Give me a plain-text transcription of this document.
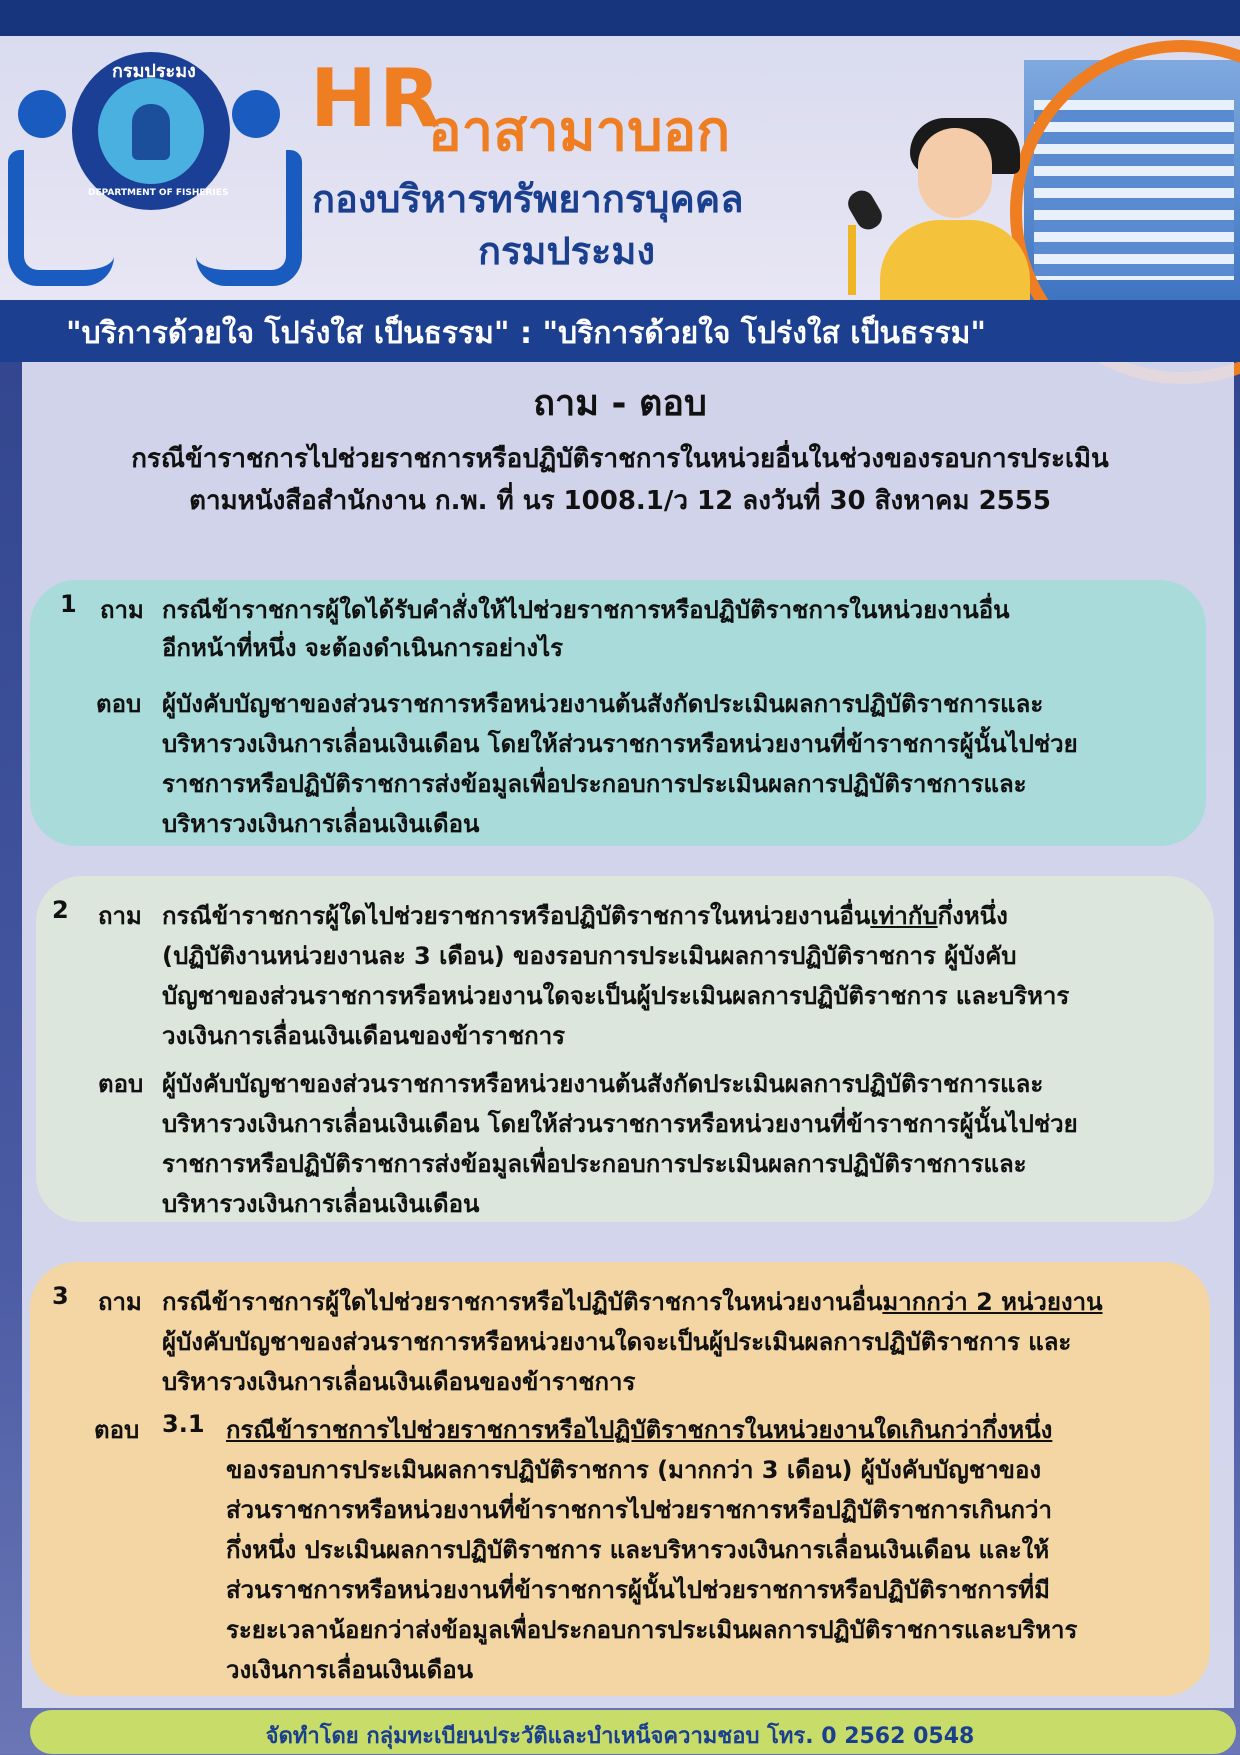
กรมประมง
DEPARTMENT OF FISHERIES
HR
อาสามาบอก
กองบริหารทรัพยากรบุคคล
กรมประมง
"บริการด้วยใจ โปร่งใส เป็นธรรม" : "บริการด้วยใจ โปร่งใส เป็นธรรม"
ถาม - ตอบ
กรณีข้าราชการไปช่วยราชการหรือปฏิบัติราชการในหน่วยอื่นในช่วงของรอบการประเมิน
ตามหนังสือสำนักงาน ก.พ. ที่ นร 1008.1/ว 12 ลงวันที่ 30 สิงหาคม 2555
1 ถาม กรณีข้าราชการผู้ใดได้รับคำสั่งให้ไปช่วยราชการหรือปฏิบัติราชการในหน่วยงานอื่น
อีกหน้าที่หนึ่ง จะต้องดำเนินการอย่างไร
ตอบ ผู้บังคับบัญชาของส่วนราชการหรือหน่วยงานต้นสังกัดประเมินผลการปฏิบัติราชการและ
บริหารวงเงินการเลื่อนเงินเดือน โดยให้ส่วนราชการหรือหน่วยงานที่ข้าราชการผู้นั้นไปช่วย
ราชการหรือปฏิบัติราชการส่งข้อมูลเพื่อประกอบการประเมินผลการปฏิบัติราชการและ
บริหารวงเงินการเลื่อนเงินเดือน
2 ถาม กรณีข้าราชการผู้ใดไปช่วยราชการหรือปฏิบัติราชการในหน่วยงานอื่นเท่ากับกึ่งหนึ่ง
(ปฏิบัติงานหน่วยงานละ 3 เดือน) ของรอบการประเมินผลการปฏิบัติราชการ ผู้บังคับ
บัญชาของส่วนราชการหรือหน่วยงานใดจะเป็นผู้ประเมินผลการปฏิบัติราชการ และบริหาร
วงเงินการเลื่อนเงินเดือนของข้าราชการ
ตอบ ผู้บังคับบัญชาของส่วนราชการหรือหน่วยงานต้นสังกัดประเมินผลการปฏิบัติราชการและ
บริหารวงเงินการเลื่อนเงินเดือน โดยให้ส่วนราชการหรือหน่วยงานที่ข้าราชการผู้นั้นไปช่วย
ราชการหรือปฏิบัติราชการส่งข้อมูลเพื่อประกอบการประเมินผลการปฏิบัติราชการและ
บริหารวงเงินการเลื่อนเงินเดือน
3 ถาม กรณีข้าราชการผู้ใดไปช่วยราชการหรือไปฏิบัติราชการในหน่วยงานอื่นมากกว่า 2 หน่วยงาน
ผู้บังคับบัญชาของส่วนราชการหรือหน่วยงานใดจะเป็นผู้ประเมินผลการปฏิบัติราชการ และ
บริหารวงเงินการเลื่อนเงินเดือนของข้าราชการ
ตอบ 3.1 กรณีข้าราชการไปช่วยราชการหรือไปฏิบัติราชการในหน่วยงานใดเกินกว่ากึ่งหนึ่ง
ของรอบการประเมินผลการปฏิบัติราชการ (มากกว่า 3 เดือน) ผู้บังคับบัญชาของ
ส่วนราชการหรือหน่วยงานที่ข้าราชการไปช่วยราชการหรือปฏิบัติราชการเกินกว่า
กึ่งหนึ่ง ประเมินผลการปฏิบัติราชการ และบริหารวงเงินการเลื่อนเงินเดือน และให้
ส่วนราชการหรือหน่วยงานที่ข้าราชการผู้นั้นไปช่วยราชการหรือปฏิบัติราชการที่มี
ระยะเวลาน้อยกว่าส่งข้อมูลเพื่อประกอบการประเมินผลการปฏิบัติราชการและบริหาร
วงเงินการเลื่อนเงินเดือน
จัดทำโดย กลุ่มทะเบียนประวัติและบำเหน็จความชอบ โทร. 0 2562 0548
